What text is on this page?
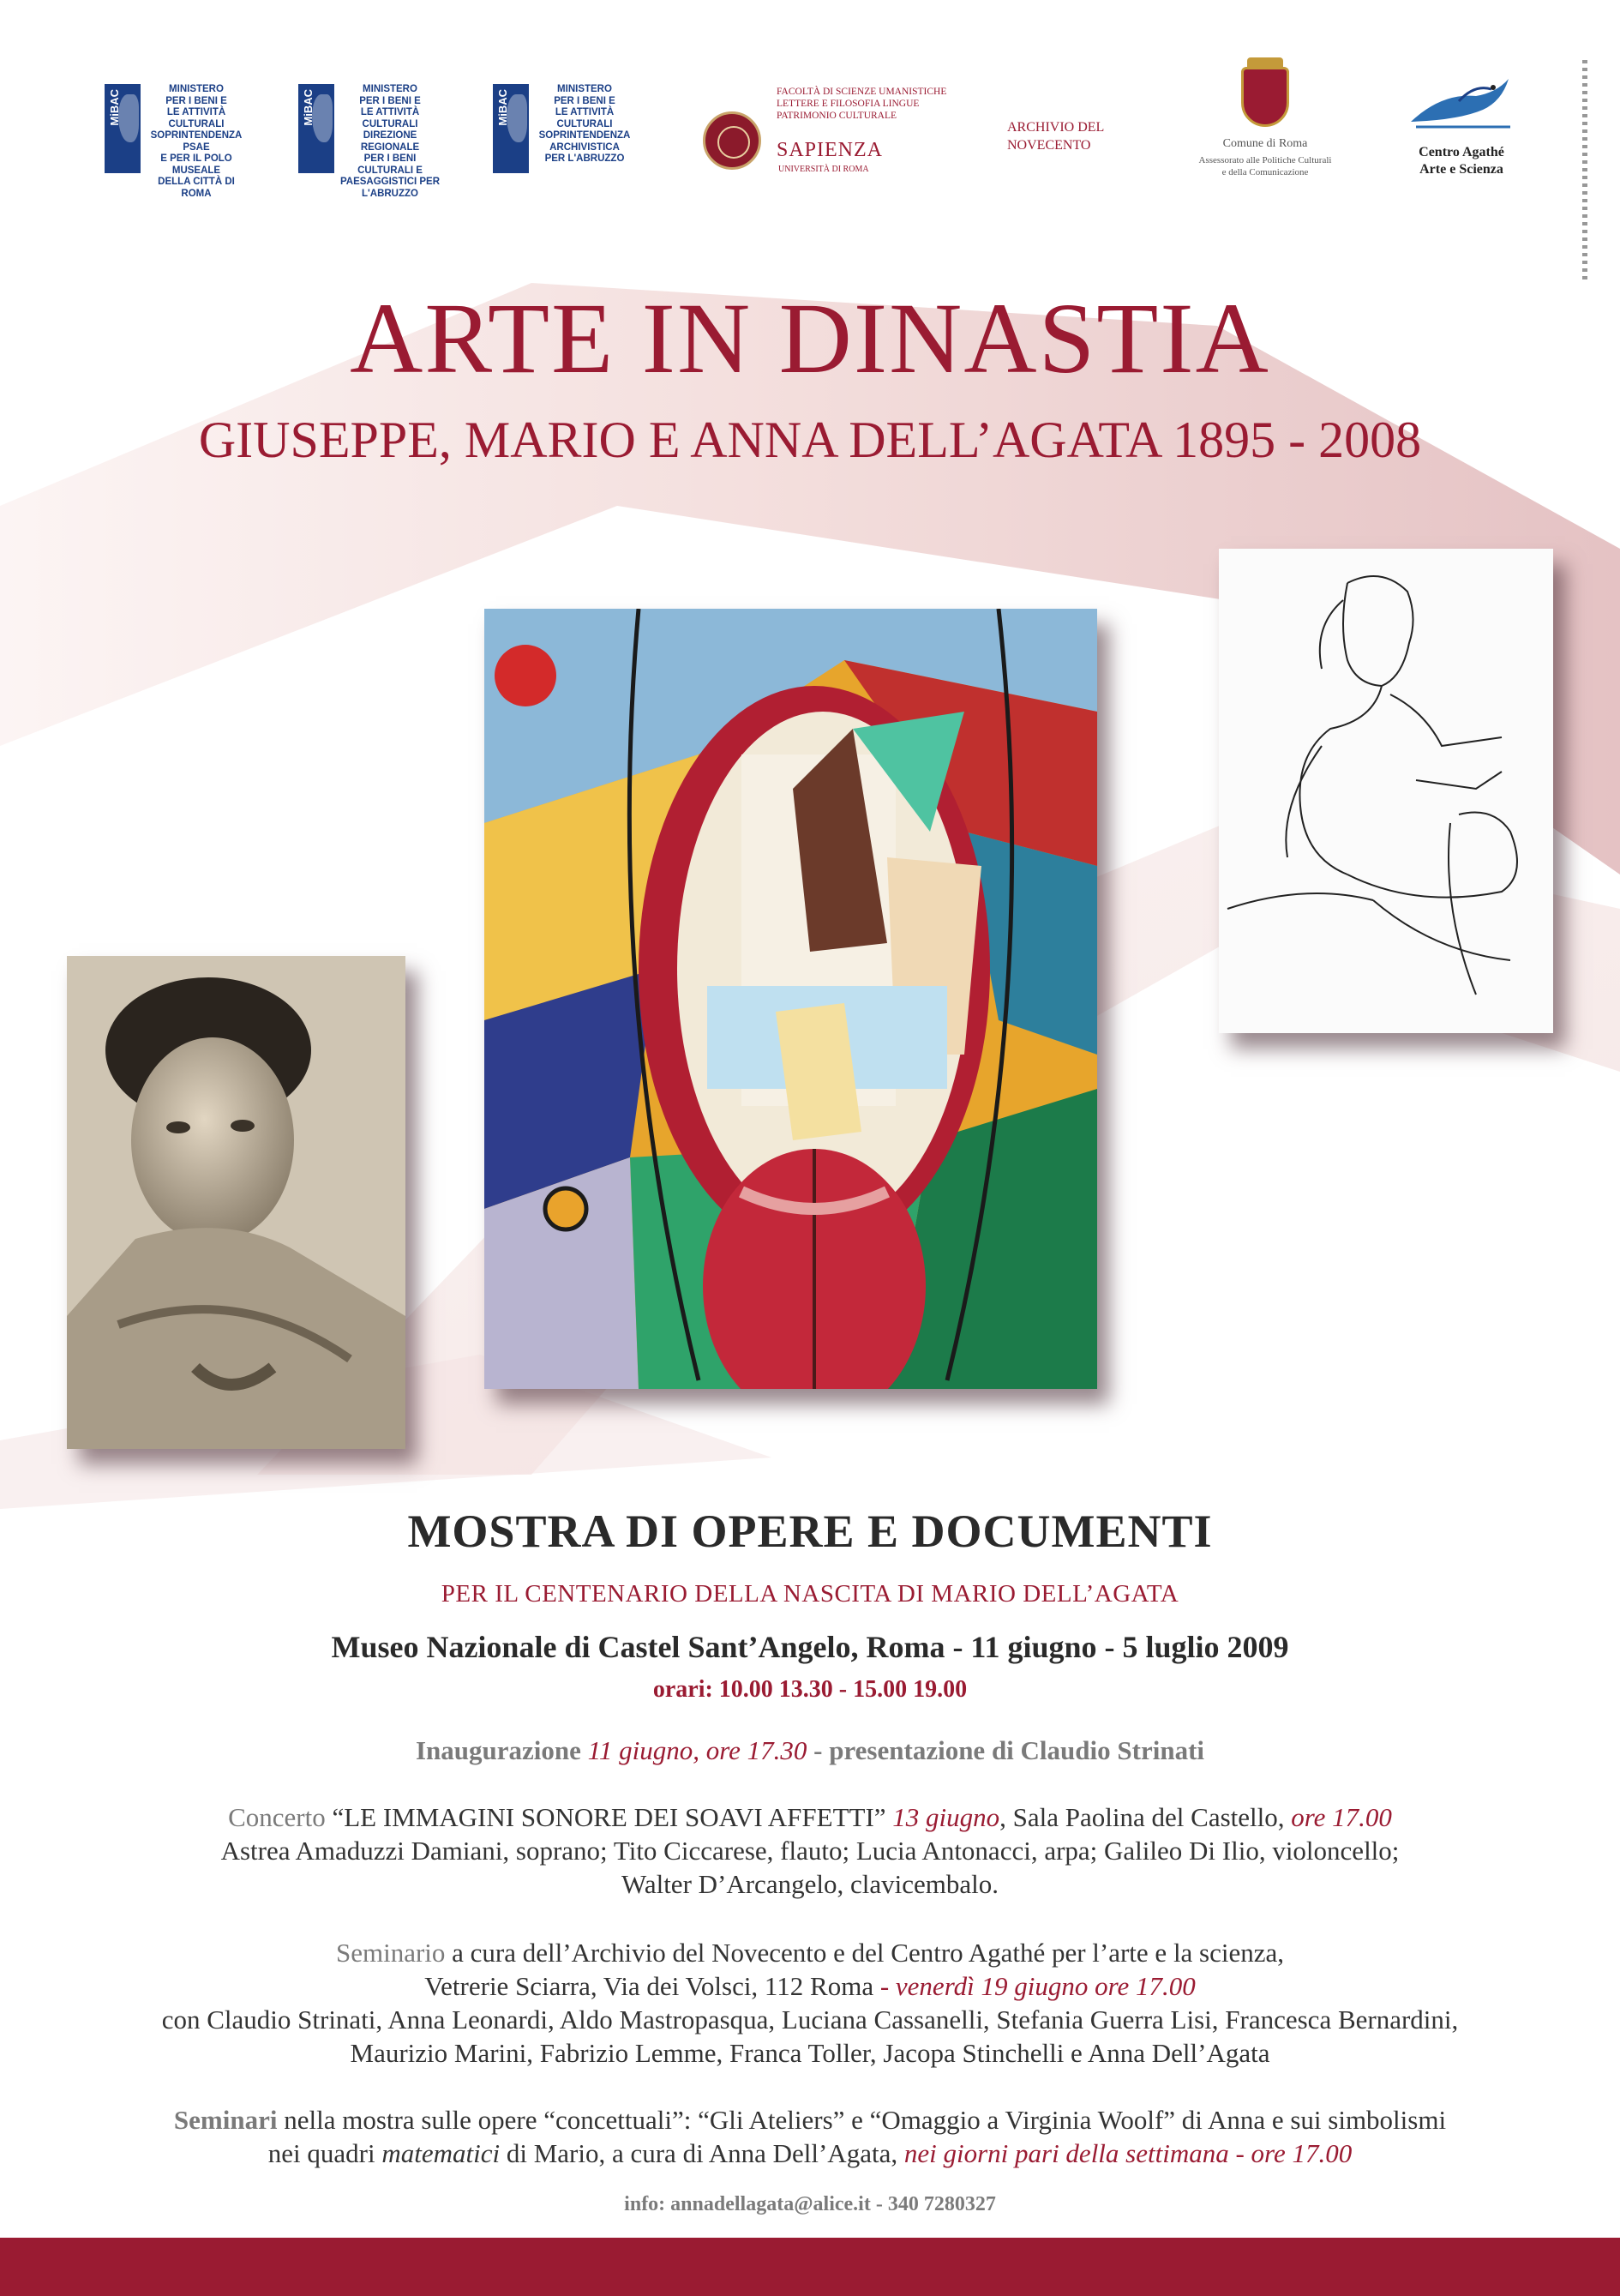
MiBAC	MINISTERO
PER I BENI E
LE ATTIVITÀ
CULTURALI
SOPRINTENDENZA PSAE
E PER IL POLO MUSEALE
DELLA CITTÀ DI ROMA
MiBAC	MINISTERO
PER I BENI E
LE ATTIVITÀ
CULTURALI
DIREZIONE REGIONALE
PER I BENI CULTURALI E
PAESAGGISTICI PER L'ABRUZZO
MiBAC	MINISTERO
PER I BENI E
LE ATTIVITÀ
CULTURALI
SOPRINTENDENZA
ARCHIVISTICA
PER L'ABRUZZO
FACOLTÀ DI SCIENZE UMANISTICHE
LETTERE E FILOSOFIA LINGUE
PATRIMONIO CULTURALE
SAPIENZA
UNIVERSITÀ DI ROMA
ARCHIVIO DEL
NOVECENTO	Comune di Roma
Assessorato alle Politiche Culturali
e della Comunicazione
Centro Agathé
Arte e Scienza
ARTE IN DINASTIA
GIUSEPPE, MARIO E ANNA DELL’AGATA 1895 - 2008
MOSTRA DI OPERE E DOCUMENTI
PER IL CENTENARIO DELLA NASCITA DI MARIO DELL’AGATA
Museo Nazionale di Castel Sant’Angelo, Roma - 11 giugno - 5 luglio 2009
orari: 10.00 13.30 - 15.00 19.00
Inaugurazione 11 giugno, ore 17.30 - presentazione di Claudio Strinati
Concerto “LE IMMAGINI SONORE DEI SOAVI AFFETTI” 13 giugno, Sala Paolina del Castello, ore 17.00
Astrea Amaduzzi Damiani, soprano; Tito Ciccarese, flauto; Lucia Antonacci, arpa; Galileo Di Ilio, violoncello;
Walter D’Arcangelo, clavicembalo.
Seminario a cura dell’Archivio del Novecento e del Centro Agathé per l’arte e la scienza,
Vetrerie Sciarra, Via dei Volsci, 112 Roma - venerdì 19 giugno ore 17.00
con Claudio Strinati, Anna Leonardi, Aldo Mastropasqua, Luciana Cassanelli, Stefania Guerra Lisi, Francesca Bernardini,
Maurizio Marini, Fabrizio Lemme, Franca Toller, Jacopa Stinchelli e Anna Dell’Agata
Seminari nella mostra sulle opere “concettuali”: “Gli Ateliers” e “Omaggio a Virginia Woolf” di Anna e sui simbolismi
nei quadri matematici di Mario, a cura di Anna Dell’Agata, nei giorni pari della settimana - ore 17.00
info: annadellagata@alice.it - 340 7280327
